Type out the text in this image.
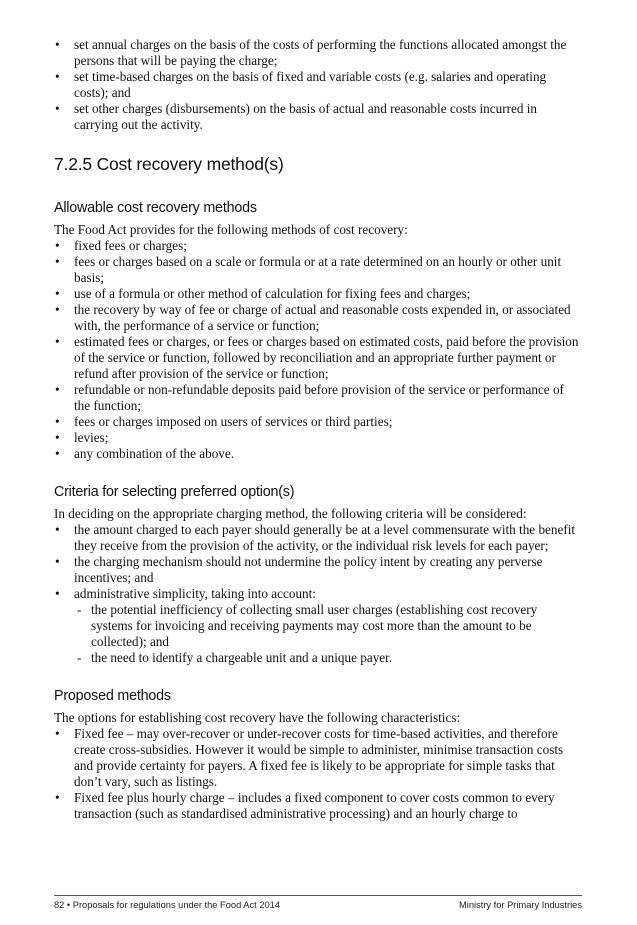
• set annual charges on the basis of the costs of performing the functions allocated amongst the persons that will be paying the charge;
• set time-based charges on the basis of fixed and variable costs (e.g. salaries and operating costs); and
• set other charges (disbursements) on the basis of actual and reasonable costs incurred in carrying out the activity.
7.2.5 Cost recovery method(s)
Allowable cost recovery methods

The Food Act provides for the following methods of cost recovery:

• fixed fees or charges;
• fees or charges based on a scale or formula or at a rate determined on an hourly or other unit basis;
• use of a formula or other method of calculation for fixing fees and charges;
• the recovery by way of fee or charge of actual and reasonable costs expended in, or associated with, the performance of a service or function;
• estimated fees or charges, or fees or charges based on estimated costs, paid before the provision of the service or function, followed by reconciliation and an appropriate further payment or refund after provision of the service or function;
• refundable or non-refundable deposits paid before provision of the service or performance of the function;
• fees or charges imposed on users of services or third parties;
• levies;
• any combination of the above.
Criteria for selecting preferred option(s)

In deciding on the appropriate charging method, the following criteria will be considered:

• the amount charged to each payer should generally be at a level commensurate with the benefit they receive from the provision of the activity, or the individual risk levels for each payer;
• the charging mechanism should not undermine the policy intent by creating any perverse incentives; and
• administrative simplicity, taking into account:
- the potential inefficiency of collecting small user charges (establishing cost recovery systems for invoicing and receiving payments may cost more than the amount to be collected); and
- the need to identify a chargeable unit and a unique payer.
Proposed methods

The options for establishing cost recovery have the following characteristics:

• Fixed fee – may over-recover or under-recover costs for time-based activities, and therefore create cross-subsidies. However it would be simple to administer, minimise transaction costs and provide certainty for payers. A fixed fee is likely to be appropriate for simple tasks that don’t vary, such as listings.
• Fixed fee plus hourly charge – includes a fixed component to cover costs common to every transaction (such as standardised administrative processing) and an hourly charge to
82 • Proposals for regulations under the Food Act 2014	Ministry for Primary Industries
